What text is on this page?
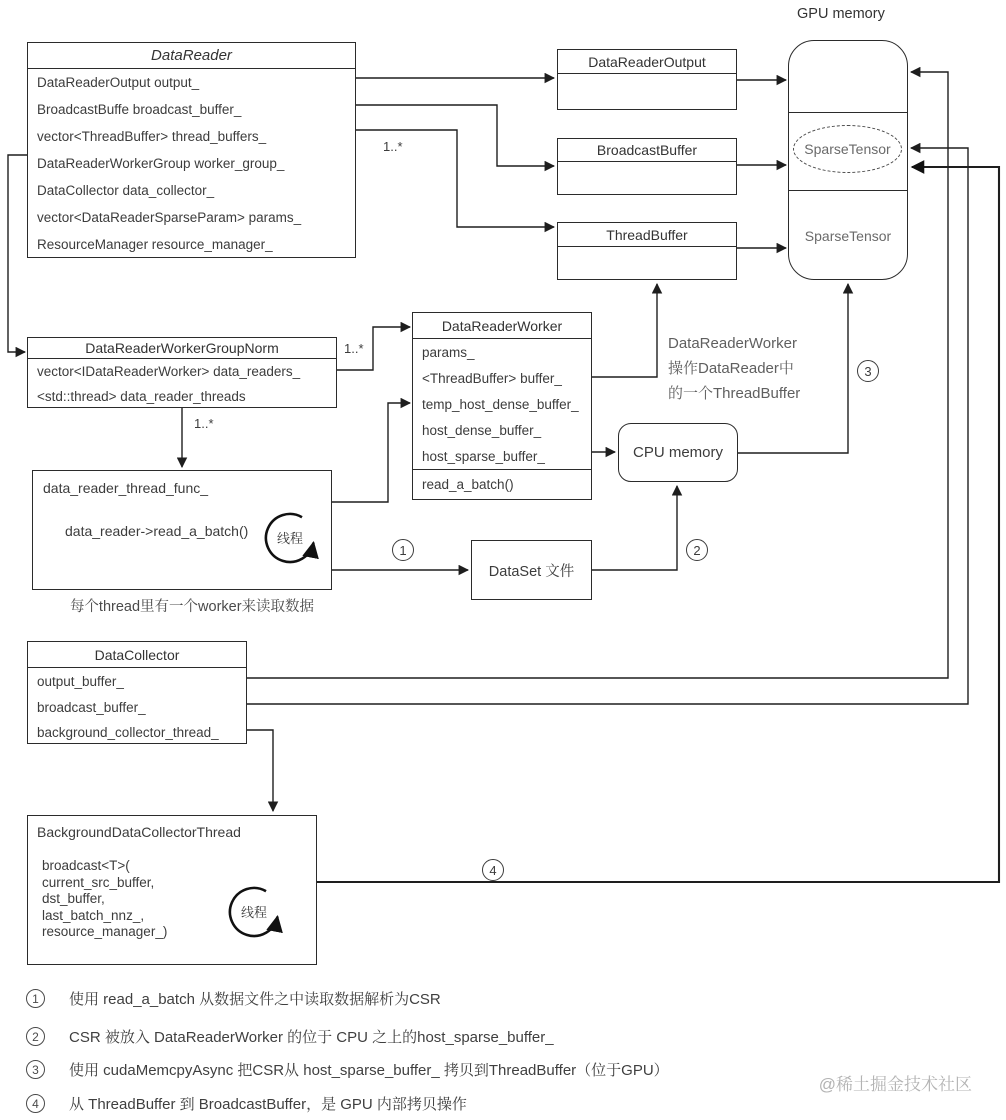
GPU memory
SparseTensor
SparseTensor
DataReader
DataReaderOutput output_
BroadcastBuffe broadcast_buffer_
vector<ThreadBuffer> thread_buffers_
DataReaderWorkerGroup worker_group_
DataCollector data_collector_
vector<DataReaderSparseParam> params_
ResourceManager resource_manager_
DataReaderOutput
BroadcastBuffer
ThreadBuffer
1..*
1..*
1..*
DataReaderWorkerGroupNorm
vector<IDataReaderWorker> data_readers_
<std::thread> data_reader_threads
DataReaderWorker
params_
<ThreadBuffer> buffer_
temp_host_dense_buffer_
host_dense_buffer_
host_sparse_buffer_
read_a_batch()
DataReaderWorker
操作DataReader中
的一个ThreadBuffer
CPU memory
data_reader_thread_func_
data_reader->read_a_batch() 线程
每个thread里有一个worker来读取数据
DataSet 文件
DataCollector
output_buffer_
broadcast_buffer_
background_collector_thread_
BackgroundDataCollectorThread
broadcast<T>(
current_src_buffer,
dst_buffer,
last_batch_nnz_,
resource_manager_)
线程
1	2
3
4
1	使用 read_a_batch 从数据文件之中读取数据解析为CSR
2	CSR 被放入 DataReaderWorker 的位于 CPU 之上的host_sparse_buffer_
3	使用 cudaMemcpyAsync 把CSR从 host_sparse_buffer_ 拷贝到ThreadBuffer（位于GPU）
4	从 ThreadBuffer 到 BroadcastBuffer，是 GPU 内部拷贝操作
@稀土掘金技术社区
